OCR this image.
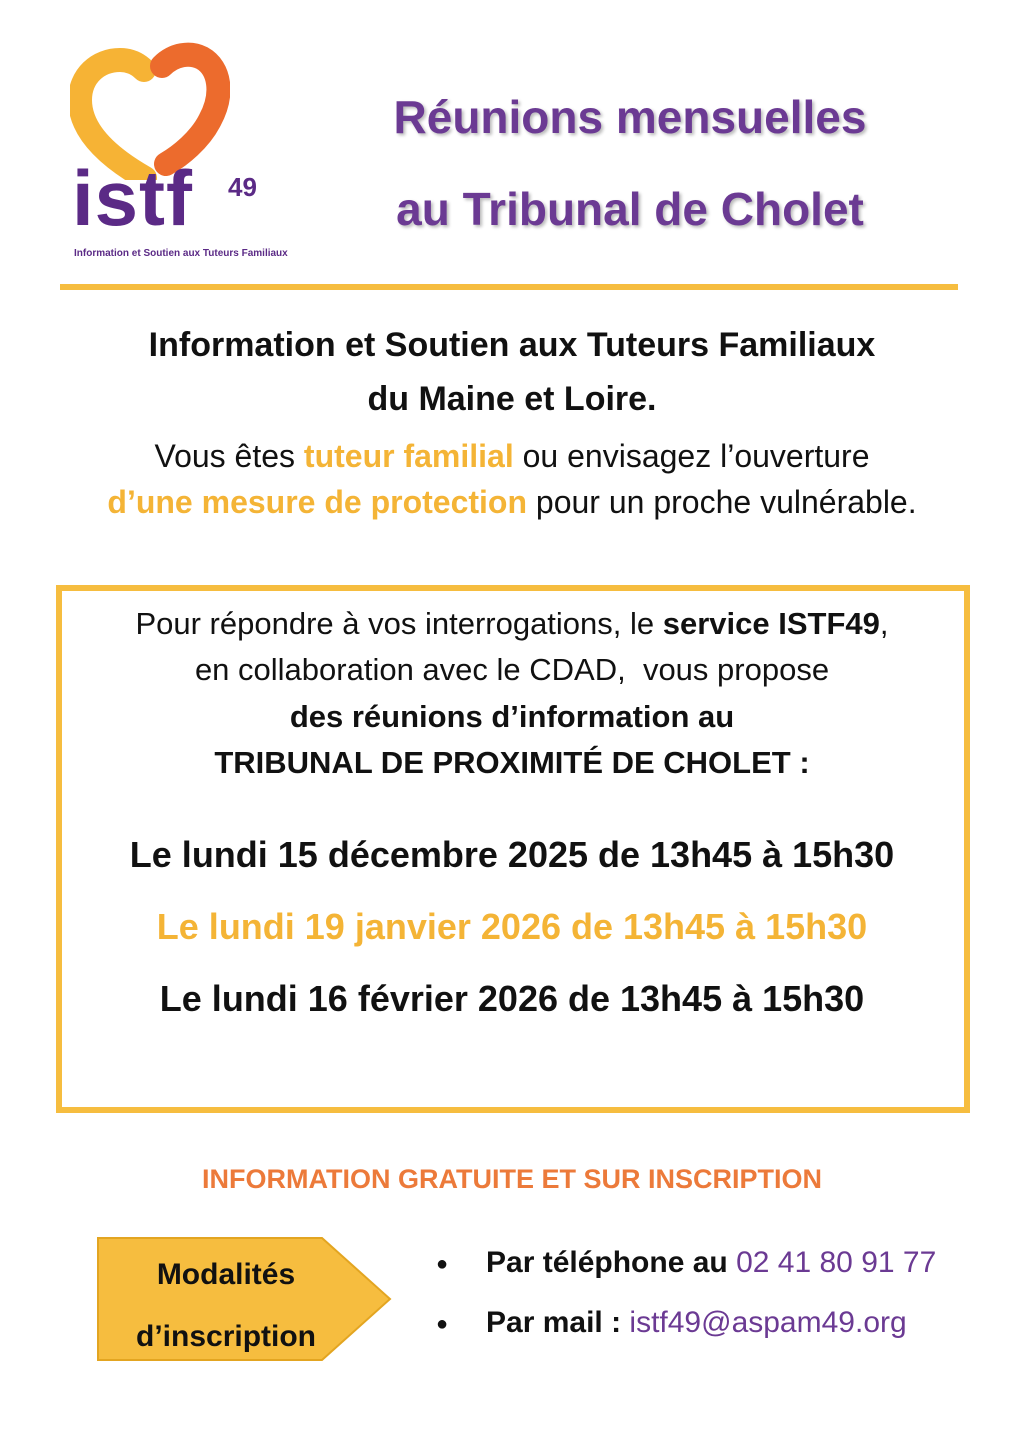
istf 49
Information et Soutien aux Tuteurs Familiaux
Réunions mensuelles
au Tribunal de Cholet
Information et Soutien aux Tuteurs Familiaux
du Maine et Loire.
Vous êtes tuteur familial ou envisagez l’ouverture
d’une mesure de protection pour un proche vulnérable.
Pour répondre à vos interrogations, le service ISTF49,
en collaboration avec le CDAD,  vous propose
des réunions d’information au
TRIBUNAL DE PROXIMITÉ DE CHOLET :
Le lundi 15 décembre 2025 de 13h45 à 15h30
Le lundi 19 janvier 2026 de 13h45 à 15h30
Le lundi 16 février 2026 de 13h45 à 15h30
INFORMATION GRATUITE ET SUR INSCRIPTION
Modalités
d’inscription
● Par téléphone au 02 41 80 91 77
● Par mail : istf49@aspam49.org
